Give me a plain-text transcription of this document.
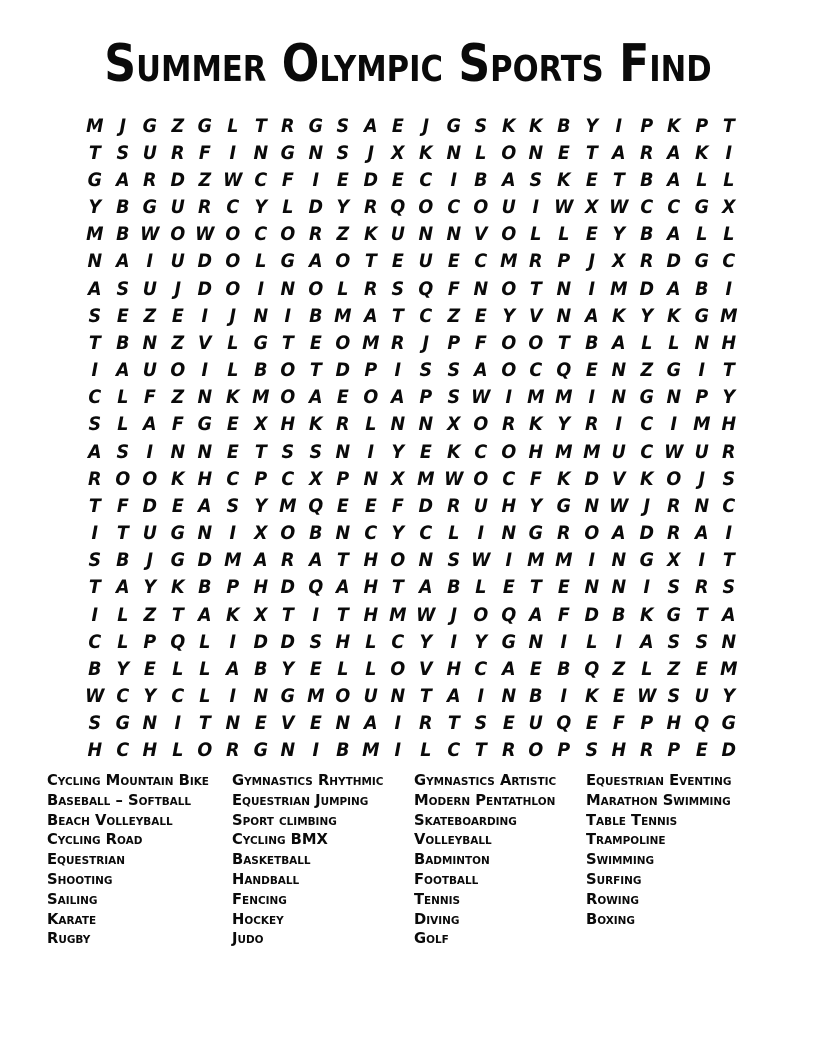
Summer Olympic Sports Find
M J G Z G L T R G S A E J G S K K B Y I P K P T
T S U R F I N G N S J X K N L O N E T A R A K I
G A R D Z W C F I E D E C I B A S K E T B A L L
Y B G U R C Y L D Y R Q O C O U I W X W C C G X
M B W O W O C O R Z K U N N V O L L E Y B A L L
N A I U D O L G A O T E U E C M R P J X R D G C
A S U J D O I N O L R S Q F N O T N I M D A B I
S E Z E I	J N I B M A T C Z E Y V N A K Y K G M
T B N Z V L G T E O M R J P F O O T B A L L N H
I A U O I L B O T D P I S S A O C Q E N Z G I T
C L F Z N K M O A E O A P S W I M M I N G N P Y
S L A F G E X H K R L N N X O R K Y R I C I M H
A S I N N E T S S N I Y E K C O H M M U C W U R
R O O K H C P C X P N X M W O C F K D V K O J S
T F D E A S Y M Q E E F D R U H Y G N W J R N C
I T U G N I X O B N C Y C L I N G R O A D R A I
S B J G D M A R A T H O N S W I M M I N G X I T
T A Y K B P H D Q A H T A B L E T E N N I S R S
I L Z T A K X T I T H M W J O Q A F D B K G T A
C L P Q L I D D S H L C Y I Y G N I L I A S S N
B Y E L L A B Y E L L O V H C A E B Q Z L Z E M
W C Y C L I N G M O U N T A I N B I K E W S U Y
S G N I T N E V E N A I R T S E U Q E F P H Q G
H C H L O R G N I B M I L C T R O P S H R P E D
Cycling Mountain Bike
Baseball – Softball
Beach Volleyball
Cycling Road
Equestrian
Shooting
Sailing
Karate
Rugby
Gymnastics Rhythmic
Equestrian Jumping
Sport climbing
Cycling BMX
Basketball
Handball
Fencing
Hockey
Judo
Gymnastics Artistic
Modern Pentathlon
Skateboarding
Volleyball
Badminton
Football
Tennis
Diving
Golf
Equestrian Eventing
Marathon Swimming
Table Tennis
Trampoline
Swimming
Surfing
Rowing
Boxing
